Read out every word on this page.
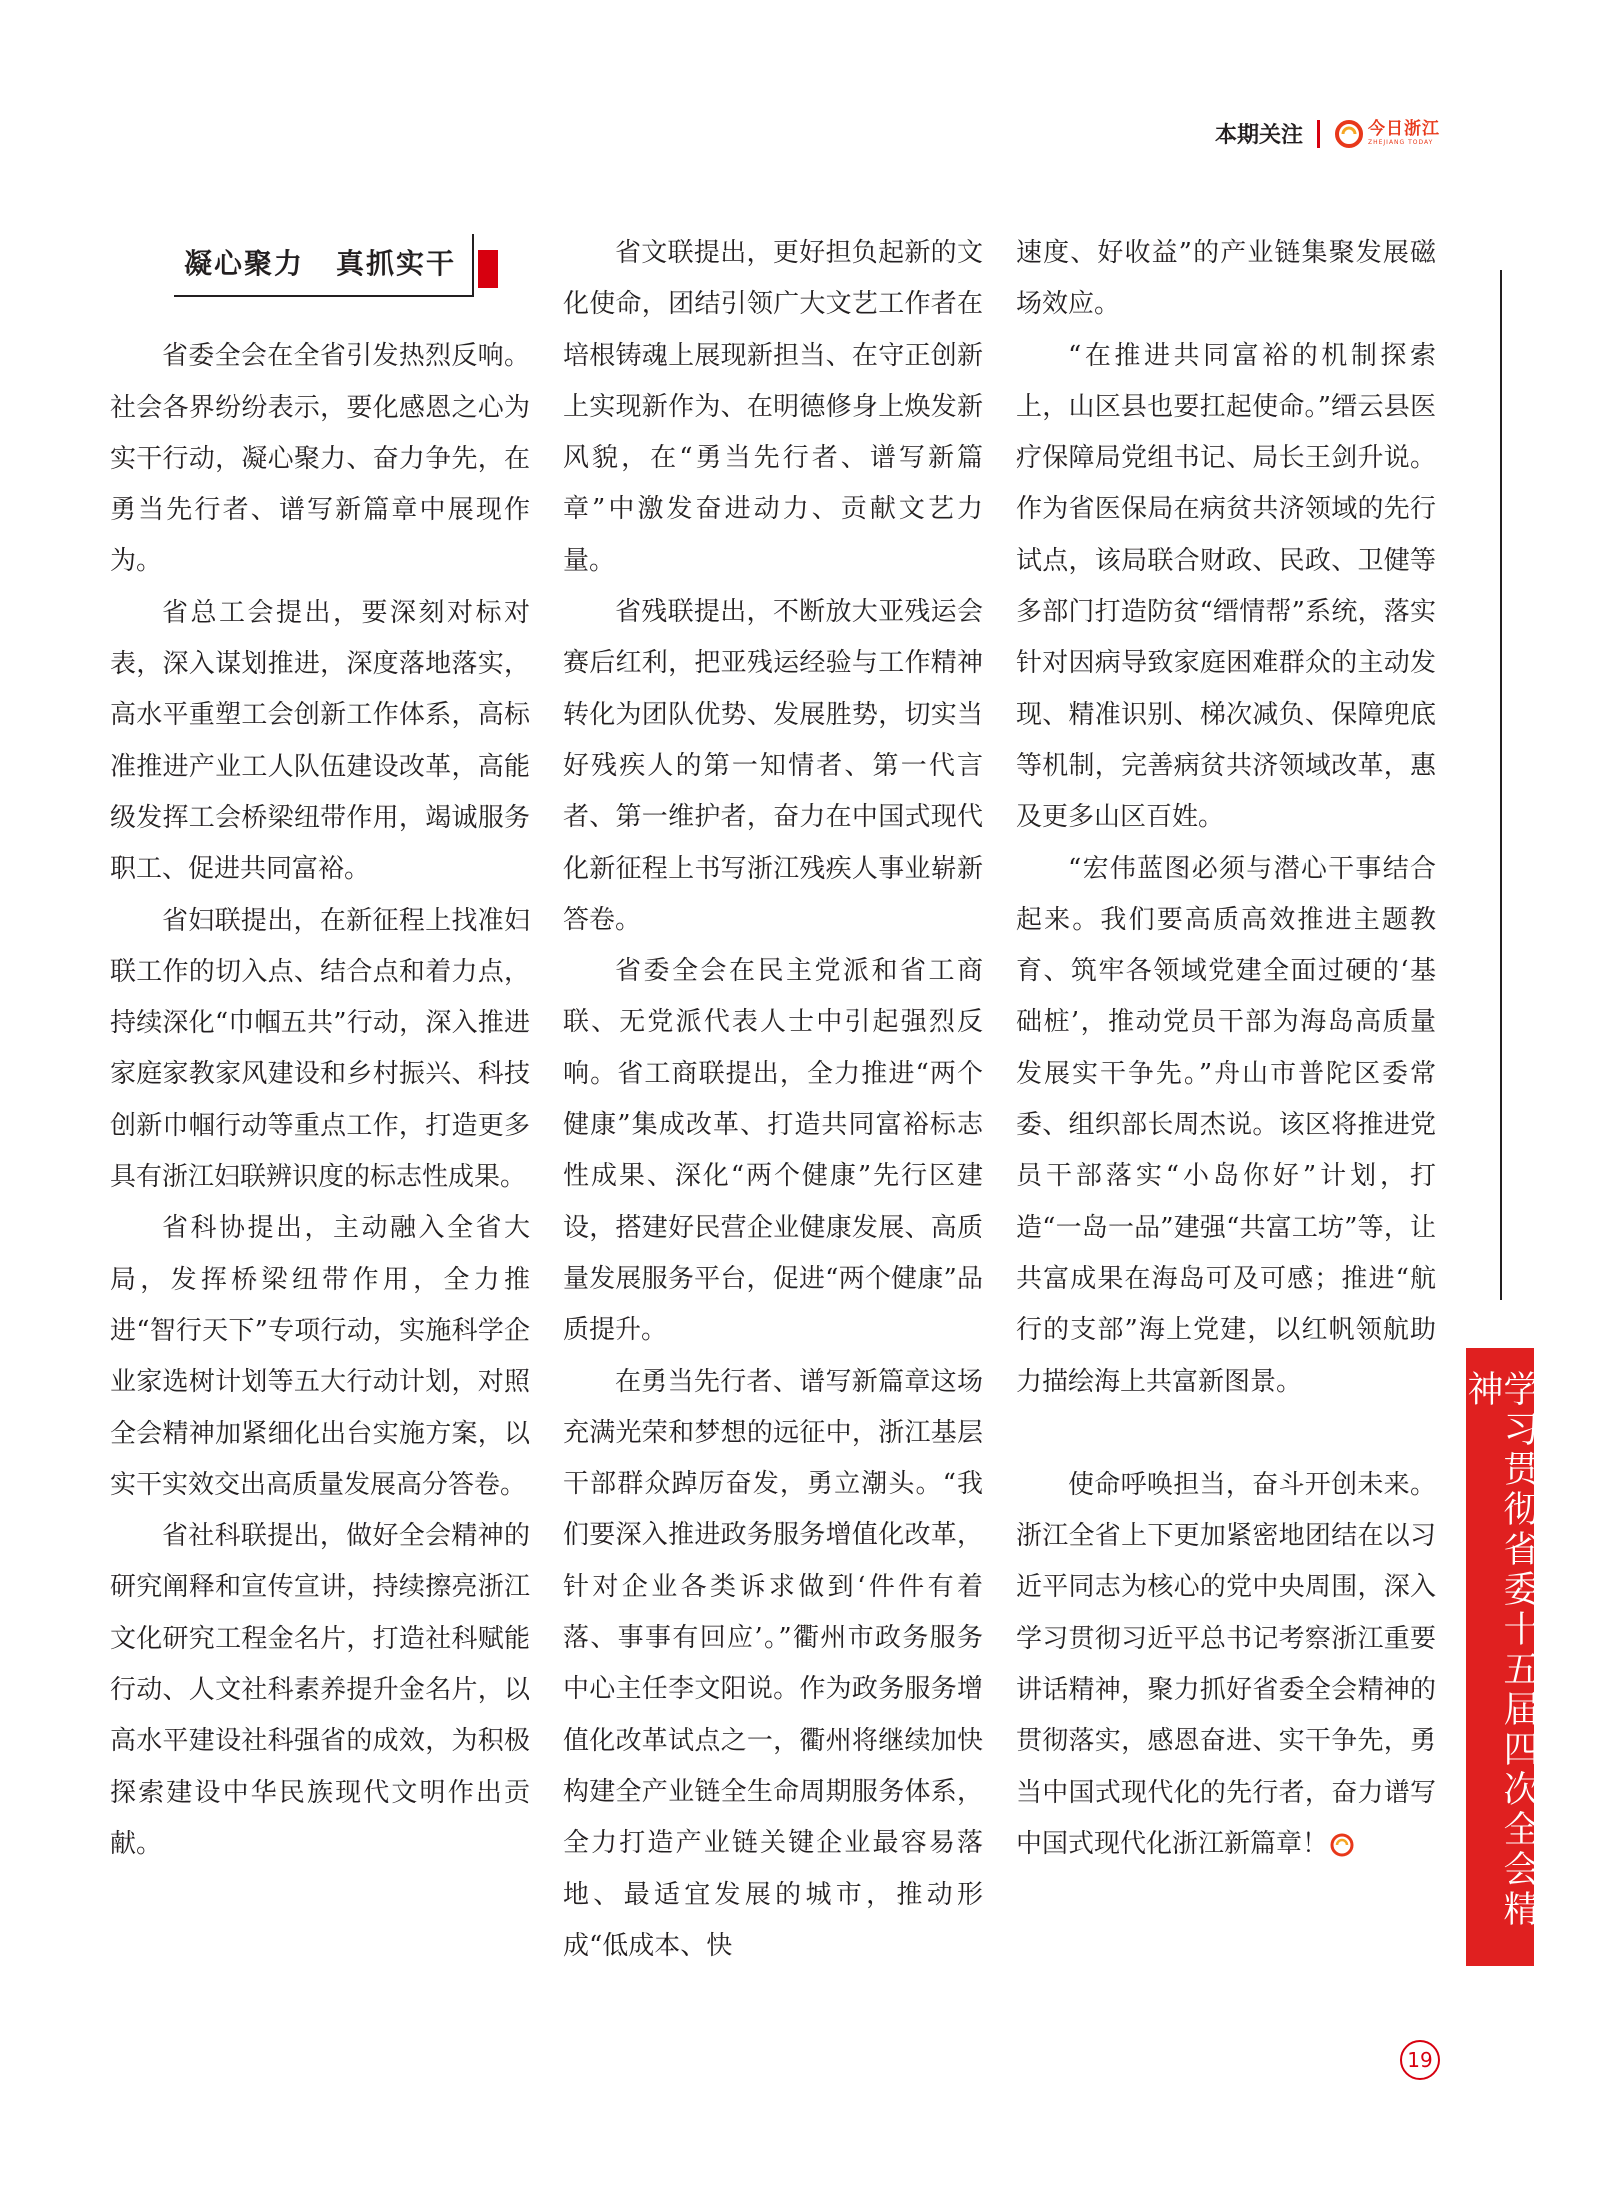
本期关注	今日浙江
ZHEJIANG TODAY
凝心聚力 真抓实干

省委全会在全省引发热烈反响。社会各界纷纷表示，要化感恩之心为实干行动，凝心聚力、奋力争先，在勇当先行者、谱写新篇章中展现作为。

省总工会提出，要深刻对标对表，深入谋划推进，深度落地落实，高水平重塑工会创新工作体系，高标准推进产业工人队伍建设改革，高能级发挥工会桥梁纽带作用，竭诚服务职工、促进共同富裕。

省妇联提出，在新征程上找准妇联工作的切入点、结合点和着力点，持续深化“巾帼五共”行动，深入推进家庭家教家风建设和乡村振兴、科技创新巾帼行动等重点工作，打造更多具有浙江妇联辨识度的标志性成果。

省科协提出，主动融入全省大局，发挥桥梁纽带作用，全力推进“智行天下”专项行动，实施科学企业家选树计划等五大行动计划，对照全会精神加紧细化出台实施方案，以实干实效交出高质量发展高分答卷。

省社科联提出，做好全会精神的研究阐释和宣传宣讲，持续擦亮浙江文化研究工程金名片，打造社科赋能行动、人文社科素养提升金名片，以高水平建设社科强省的成效，为积极探索建设中华民族现代文明作出贡献。

省文联提出，更好担负起新的文化使命，团结引领广大文艺工作者在培根铸魂上展现新担当、在守正创新上实现新作为、在明德修身上焕发新风貌，在“勇当先行者、谱写新篇章”中激发奋进动力、贡献文艺力量。

省残联提出，不断放大亚残运会赛后红利，把亚残运经验与工作精神转化为团队优势、发展胜势，切实当好残疾人的第一知情者、第一代言者、第一维护者，奋力在中国式现代化新征程上书写浙江残疾人事业崭新答卷。

省委全会在民主党派和省工商联、无党派代表人士中引起强烈反响。省工商联提出，全力推进“两个健康”集成改革、打造共同富裕标志性成果、深化“两个健康”先行区建设，搭建好民营企业健康发展、高质量发展服务平台，促进“两个健康”品质提升。

在勇当先行者、谱写新篇章这场充满光荣和梦想的远征中，浙江基层干部群众踔厉奋发，勇立潮头。“我们要深入推进政务服务增值化改革，针对企业各类诉求做到‘件件有着落、事事有回应’。”衢州市政务服务中心主任李文阳说。作为政务服务增值化改革试点之一，衢州将继续加快构建全产业链全生命周期服务体系，全力打造产业链关键企业最容易落地、最适宜发展的城市，推动形成“低成本、快

速度、好收益”的产业链集聚发展磁场效应。

“在推进共同富裕的机制探索上，山区县也要扛起使命。”缙云县医疗保障局党组书记、局长王剑升说。作为省医保局在病贫共济领域的先行试点，该局联合财政、民政、卫健等多部门打造防贫“缙情帮”系统，落实针对因病导致家庭困难群众的主动发现、精准识别、梯次减负、保障兜底等机制，完善病贫共济领域改革，惠及更多山区百姓。

“宏伟蓝图必须与潜心干事结合起来。我们要高质高效推进主题教育、筑牢各领域党建全面过硬的‘基础桩’，推动党员干部为海岛高质量发展实干争先。”舟山市普陀区委常委、组织部长周杰说。该区将推进党员干部落实“小岛你好”计划，打造“一岛一品”建强“共富工坊”等，让共富成果在海岛可及可感；推进“航行的支部”海上党建，以红帆领航助力描绘海上共富新图景。

使命呼唤担当，奋斗开创未来。浙江全省上下更加紧密地团结在以习近平同志为核心的党中央周围，深入学习贯彻习近平总书记考察浙江重要讲话精神，聚力抓好省委全会精神的贯彻落实，感恩奋进、实干争先，勇当中国式现代化的先行者，奋力谱写中国式现代化浙江新篇章！	学习贯彻省委十五届四次全会精神
19
